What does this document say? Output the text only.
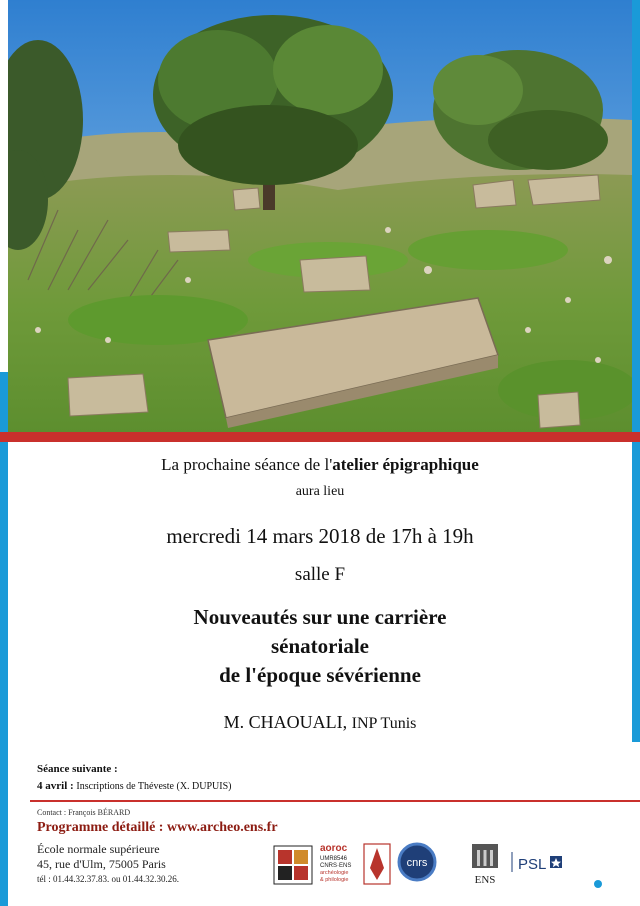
La prochaine séance de l'atelier épigraphique
aura lieu
mercredi 14 mars 2018 de 17h à 19h
salle F
Nouveautés sur une carrière
sénatoriale
de l'époque sévérienne
M. CHAOUALI, INP Tunis
Séance suivante :
4 avril : Inscriptions de Théveste (X. DUPUIS)
Contact : François BÉRARD
Programme détaillé : www.archeo.ens.fr
École normale supérieure
45, rue d'Ulm, 75005 Paris
tél : 01.44.32.37.83. ou 01.44.32.30.26.
aoroc
UMR8546
CNRS·ENS
archéologie
& philologie
cnrs
ENS
PSL
